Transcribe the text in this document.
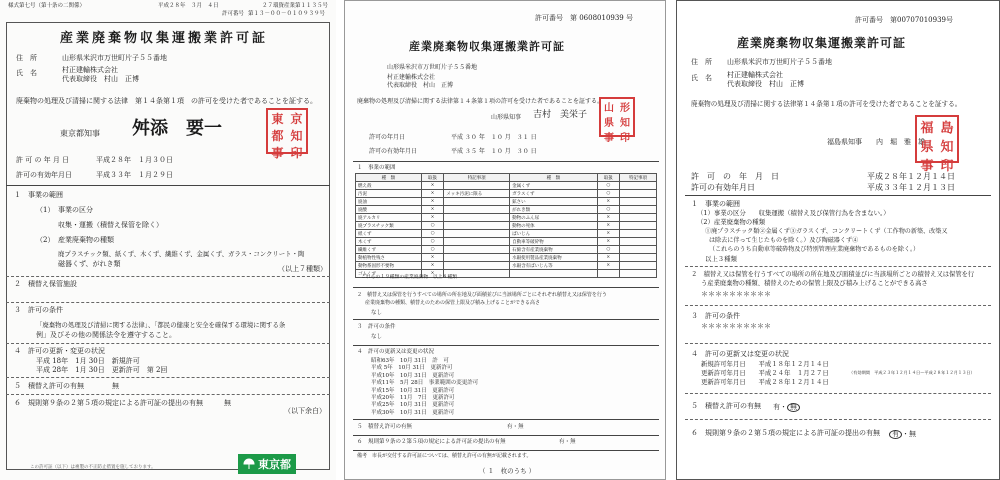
様式第七号（第十条の二関係）	平成２８年　３月　４日	２７環資産業第１１３５号
許可番号 第１３－００－０１０９３９号
産業廃棄物収集運搬業許可証
住　所	山形県米沢市万世町片子５５番地
氏　名	村正建輸株式会社
代表取締役　村山　正博
廃棄物の処理及び清掃に関する法律　第１４条第１項　の許可を受けた者であることを証する。
東京都知事 舛添　要一	東 京
都 知
事 印
許 可 の 年 月 日	平成２８年　１月３０日
許可の有効年月日	平成３３年　１月２９日
１　事業の範囲
（1）　事業の区分
収集・運搬（積替え保管を除く）
（2）　産業廃棄物の種類
廃プラスチック類、紙くず、木くず、繊維くず、金属くず、ガラス・コンクリート・陶
磁器くず、がれき類
（以上７種類）
２　積替え保管施設
３　許可の条件
「廃棄物の処理及び清掃に関する法律」、「都民の健康と安全を確保する環境に関する条
例」及びその他の関係法令を遵守すること。
４　許可の更新・変更の状況
平成 18年　1月 30日　新規許可
平成 28年　1月 30日　更新許可　第 2回
５　積替え許可の有無　　　　無
６　規則第９条の２第５項の規定による許可証の提出の有無　　　無
（以下余白）
この許可証（以下）は複製の不正防止措置を施しております。	東京都
許可番号　第 0608010939 号
産業廃棄物収集運搬業許可証
山形県米沢市万世町片子５５番地
村正建輸株式会社
代表取締役　村山　正博
廃棄物の処理及び清掃に関する法律第１４条第１項の許可を受けた者であることを証する。
山形県知事 吉村　美栄子
山 形
県 知
事 印
許可の年月日	平成 ３０ 年　１０ 月　３１ 日
許可の有効年月日	平成 ３５ 年　１０ 月　３０ 日
１　事業の範囲
種　類	取扱	特記事項	種　類	取扱	特記事項
燃え殻	×		金属くず	○	
汚泥	×	メッキ汚泥に限る	ガラスくず	○	
廃油	×		鉱さい	×	
廃酸	×		がれき類	○	
廃アルカリ	×		動物のふん尿	×	
廃プラスチック類	○		動物の死体	×	
紙くず	○		ばいじん	×	
木くず	○		自動車等破砕物	×	
繊維くず	○		石綿含有産業廃棄物	○	
動植物性残さ	×		水銀使用製品産業廃棄物	×	
動物系固形不要物	×		水銀含有ばいじん等	×	
ゴムくず	×				
これらの１９種類の産業廃棄物　以上８種類
２　積替え又は保管を行うすべての場所の所在地及び面積並びに当該場所ごとにそれぞれ積替え又は保管を行う
産業廃棄物の種類、積替えのための保管上限及び積み上げることができる高さ
なし
３　許可の条件
なし
４　許可の更新又は変更の状況
昭和63年　10月 31日　許　可
平成 5年　10月 31日　更新許可
平成10年　10月 31日　更新許可
平成11年　5月 28日　事業範囲の変更許可
平成15年　10月 31日　更新許可
平成20年　11月　7日　更新許可
平成25年　10月 31日　更新許可
平成30年　10月 31日　更新許可
５　積替え許可の有無	有・無
６　規則第９条の２第５項の規定による許可証の提出の有無	有・無
備考　市長が交付する許可証については、積替え許可の有無が記載されます。
（ １　枚のうち ）
許可番号　第00707010939号
産業廃棄物収集運搬業許可証
住　所 山形県米沢市万世町片子５５番地
氏　名 村正建輸株式会社
代表取締役　村山　正博
廃棄物の処理及び清掃に関する法律第１４条第１項の許可を受けた者であることを証する。
福島県知事　　内　堀　雅　雄
福 島
県 知
事 印
許　可　の　年　月　日	平成２８年１２月１４日
許可の有効年月日	平成３３年１２月１３日
１　事業の範囲
（1）事業の区分　　収集運搬（積替え及び保管行為を含まない。）
（2）産業廃棄物の種類
①廃プラスチック類②金属くず③ガラスくず、コンクリートくず（工作物の新築、改築又
は除去に伴って生じたものを除く。）及び陶磁器くず④
（これらのうち自動車等破砕物及び特別管理産業廃棄物であるものを除く。）
以上３種類
２　積替え又は保管を行うすべての場所の所在地及び面積並びに当該場所ごとの積替え又は保管を行
う産業廃棄物の種類、積替えのための保管上限及び積み上げることができる高さ
＊＊＊＊＊＊＊＊＊＊
３　許可の条件
＊＊＊＊＊＊＊＊＊＊
４　許可の更新又は変更の状況
新規許可年月日　　平成１８年１２月１４日
更新許可年月日　　平成２４年　１月２７日	（有効期間　平成２３年１２月１４日～平成２８年１２月１３日）
更新許可年月日　　平成２８年１２月１４日
５　積替え許可の有無 有・ 無
６　規則第９条の２第５項の規定による許可証の提出の有無	有 ・無
